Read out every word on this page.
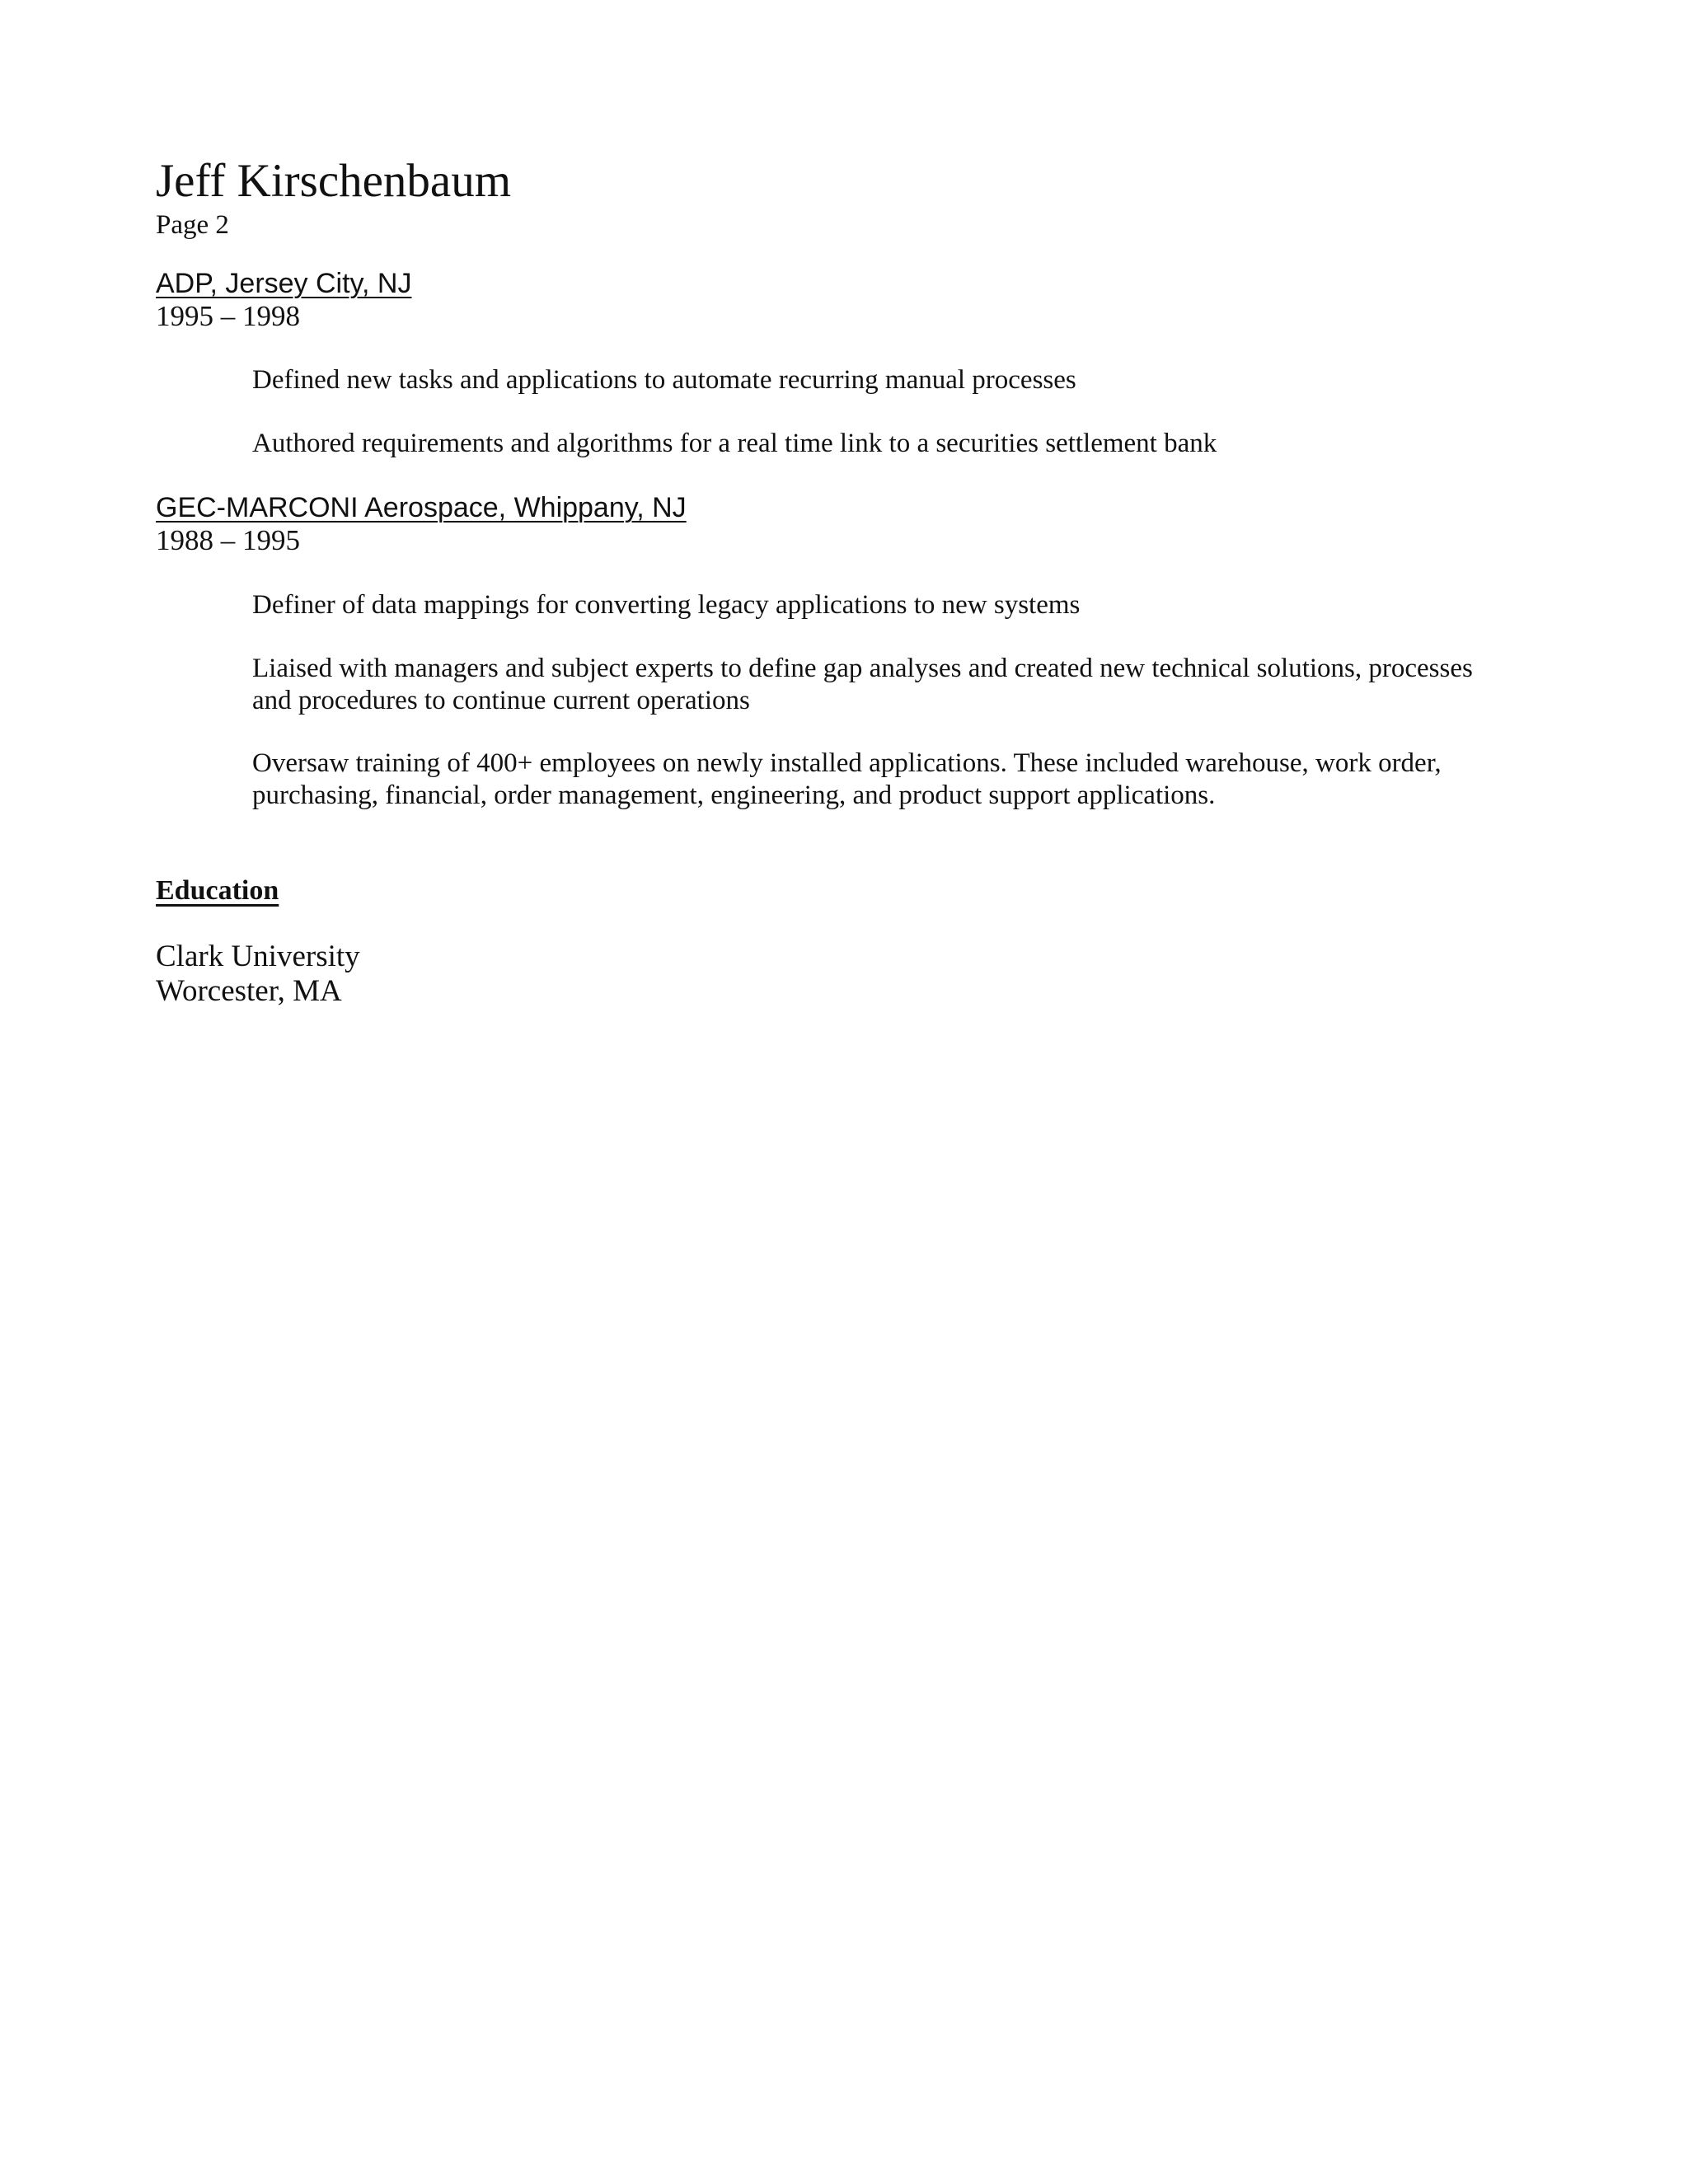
Jeff Kirschenbaum
Page 2
ADP, Jersey City, NJ
1995 – 1998
Defined new tasks and applications to automate recurring manual processes
Authored requirements and algorithms for a real time link to a securities settlement bank
GEC-MARCONI Aerospace, Whippany, NJ
1988 – 1995
Definer of data mappings for converting legacy applications to new systems
Liaised with managers and subject experts to define gap analyses and created new technical solutions, processes and procedures to continue current operations
Oversaw training of 400+ employees on newly installed applications. These included warehouse, work order, purchasing, financial, order management, engineering, and product support applications.
Education
Clark University
Worcester, MA
